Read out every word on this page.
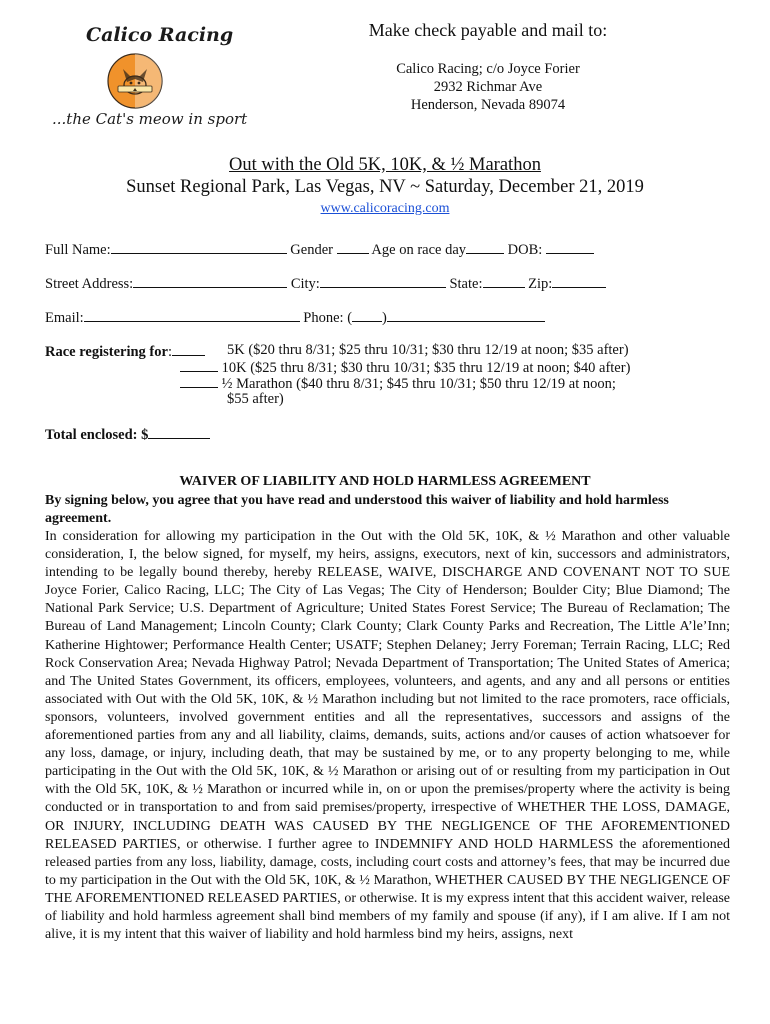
Calico Racing
...the Cat's meow in sport
Make check payable and mail to:
Calico Racing; c/o Joyce Forier
2932 Richmar Ave
Henderson, Nevada 89074
Out with the Old 5K, 10K, & ½ Marathon
Sunset Regional Park, Las Vegas, NV ~ Saturday, December 21, 2019
www.calicoracing.com
Full Name:	Gender	Age on race day	DOB:
Street Address:	City:	State:	Zip:
Email:	Phone: ( )
Race registering for:	5K ($20 thru 8/31; $25 thru 10/31; $30 thru 12/19 at noon; $35 after)
10K ($25 thru 8/31; $30 thru 10/31; $35 thru 12/19 at noon; $40 after)
½ Marathon ($40 thru 8/31; $45 thru 10/31; $50 thru 12/19 at noon;
$55 after)
Total enclosed: $
WAIVER OF LIABILITY AND HOLD HARMLESS AGREEMENT
By signing below, you agree that you have read and understood this waiver of liability and hold harmless agreement.
In consideration for allowing my participation in the Out with the Old 5K, 10K, & ½ Marathon and other valuable consideration, I, the below signed, for myself, my heirs, assigns, executors, next of kin, successors and administrators, intending to be legally bound thereby, hereby RELEASE, WAIVE, DISCHARGE AND COVENANT NOT TO SUE Joyce Forier, Calico Racing, LLC; The City of Las Vegas; The City of Henderson; Boulder City; Blue Diamond; The National Park Service; U.S. Department of Agriculture; United States Forest Service; The Bureau of Reclamation; The Bureau of Land Management; Lincoln County; Clark County; Clark County Parks and Recreation, The Little A’le’Inn; Katherine Hightower; Performance Health Center; USATF; Stephen Delaney; Jerry Foreman; Terrain Racing, LLC; Red Rock Conservation Area; Nevada Highway Patrol; Nevada Department of Transportation; The United States of America; and The United States Government, its officers, employees, volunteers, and agents, and any and all persons or entities associated with Out with the Old 5K, 10K, & ½ Marathon including but not limited to the race promoters, race officials, sponsors, volunteers, involved government entities and all the representatives, successors and assigns of the aforementioned parties from any and all liability, claims, demands, suits, actions and/or causes of action whatsoever for any loss, damage, or injury, including death, that may be sustained by me, or to any property belonging to me, while participating in the Out with the Old 5K, 10K, & ½ Marathon or arising out of or resulting from my participation in Out with the Old 5K, 10K, & ½ Marathon or incurred while in, on or upon the premises/property where the activity is being conducted or in transportation to and from said premises/property, irrespective of WHETHER THE LOSS, DAMAGE, OR INJURY, INCLUDING DEATH WAS CAUSED BY THE NEGLIGENCE OF THE AFOREMENTIONED RELEASED PARTIES, or otherwise. I further agree to INDEMNIFY AND HOLD HARMLESS the aforementioned released parties from any loss, liability, damage, costs, including court costs and attorney’s fees, that may be incurred due to my participation in the Out with the Old 5K, 10K, & ½ Marathon, WHETHER CAUSED BY THE NEGLIGENCE OF THE AFOREMENTIONED RELEASED PARTIES, or otherwise. It is my express intent that this accident waiver, release of liability and hold harmless agreement shall bind members of my family and spouse (if any), if I am alive. If I am not alive, it is my intent that this waiver of liability and hold harmless bind my heirs, assigns, next
